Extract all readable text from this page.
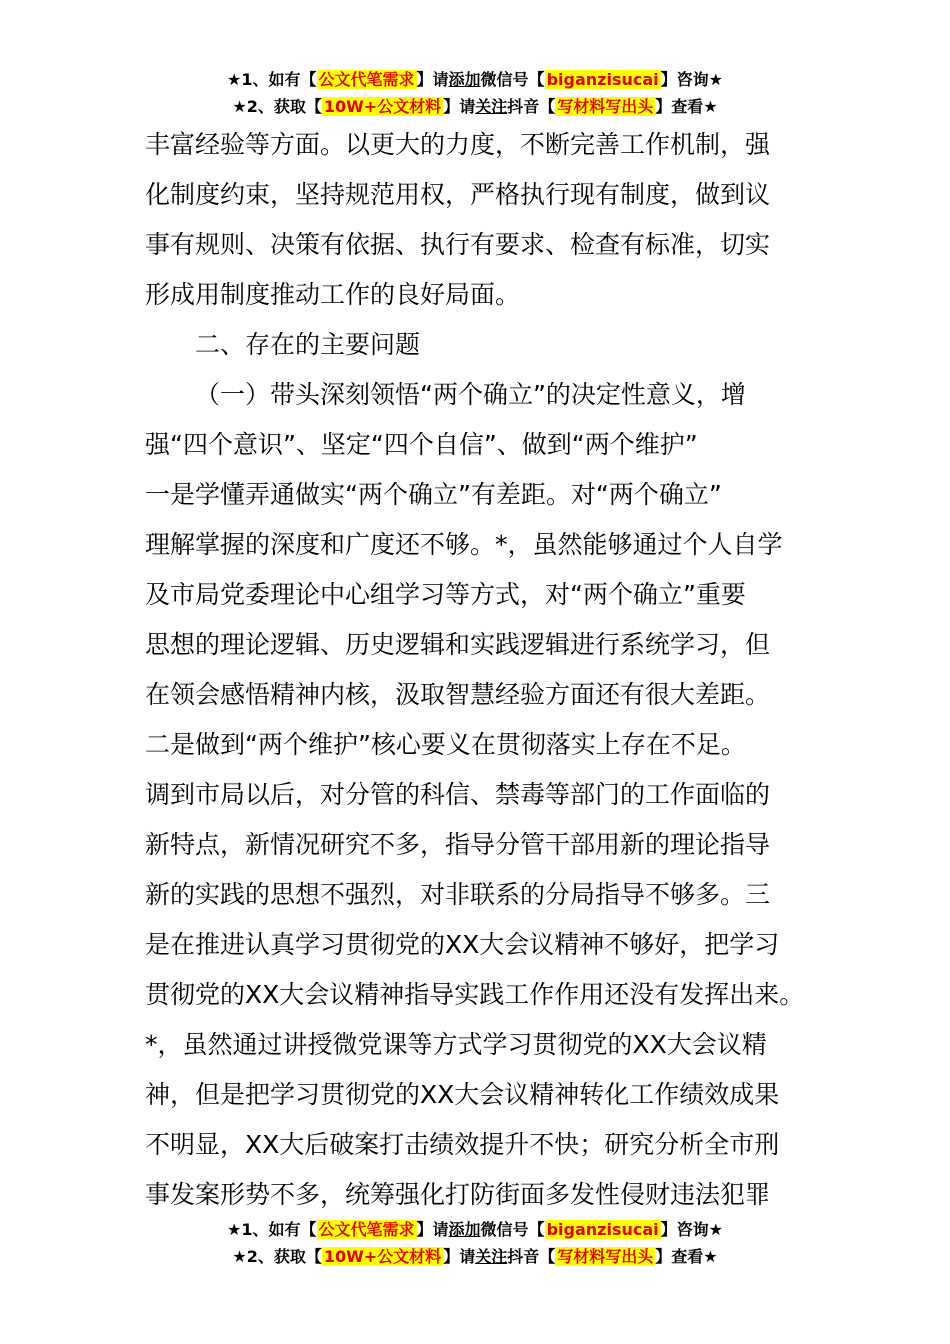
★1、如有【 公文代笔需求 】请添加微信号【 biganzisucai 】咨询★
★2、获取【 10W+公文材料 】请关注抖音【 写材料写出头 】查看★
丰富经验等方面。以更大的力度，不断完善工作机制，强
化制度约束，坚持规范用权，严格执行现有制度，做到议
事有规则、决策有依据、执行有要求、检查有标准，切实
形成用制度推动工作的良好局面。
二、存在的主要问题
（一）带头深刻领悟“两个确立”的决定性意义，增
强“四个意识”、坚定“四个自信”、做到“两个维护”
一是学懂弄通做实“两个确立”有差距。对“两个确立”
理解掌握的深度和广度还不够。*，虽然能够通过个人自学
及市局党委理论中心组学习等方式，对“两个确立”重要
思想的理论逻辑、历史逻辑和实践逻辑进行系统学习，但
在领会感悟精神内核，汲取智慧经验方面还有很大差距。
二是做到“两个维护”核心要义在贯彻落实上存在不足。
调到市局以后，对分管的科信、禁毒等部门的工作面临的
新特点，新情况研究不多，指导分管干部用新的理论指导
新的实践的思想不强烈，对非联系的分局指导不够多。三
是在推进认真学习贯彻党的XX大会议精神不够好，把学习
贯彻党的XX大会议精神指导实践工作作用还没有发挥出来。
*，虽然通过讲授微党课等方式学习贯彻党的XX大会议精
神，但是把学习贯彻党的XX大会议精神转化工作绩效成果
不明显，XX大后破案打击绩效提升不快；研究分析全市刑
事发案形势不多，统筹强化打防街面多发性侵财违法犯罪
★1、如有【 公文代笔需求 】请添加微信号【 biganzisucai 】咨询★
★2、获取【 10W+公文材料 】请关注抖音【 写材料写出头 】查看★
